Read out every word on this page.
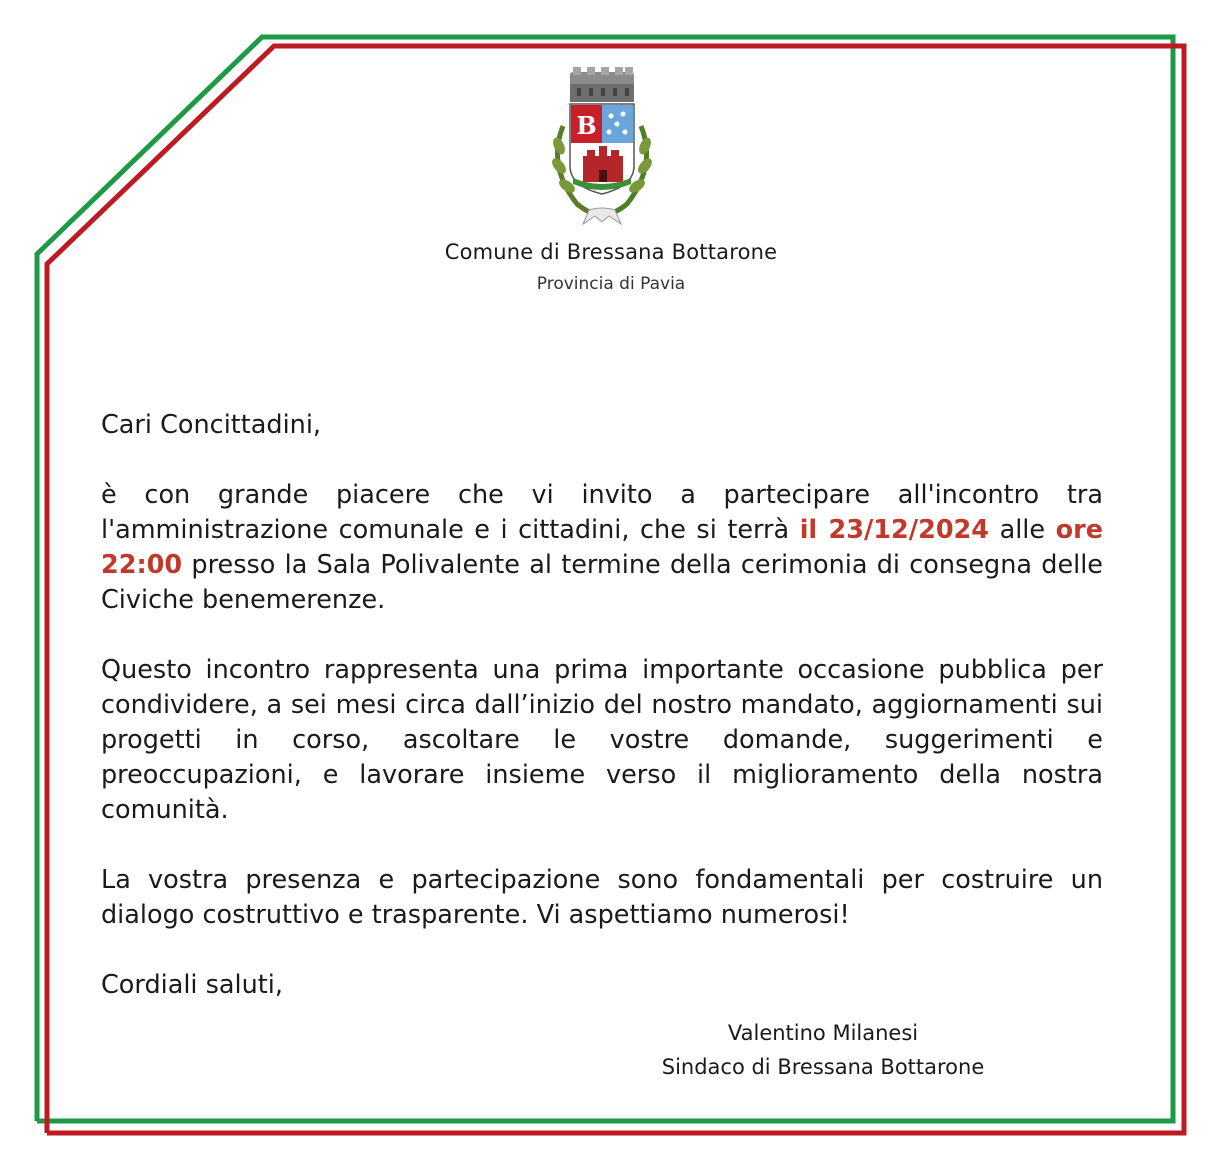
B
Comune di Bressana Bottarone
Provincia di Pavia

Cari Concittadini,

è con grande piacere che vi invito a partecipare all'incontro tra l'amministrazione comunale e i cittadini, che si terrà il 23/12/2024 alle ore 22:00 presso la Sala Polivalente al termine della cerimonia di consegna delle Civiche benemerenze.

Questo incontro rappresenta una prima importante occasione pubblica per condividere, a sei mesi circa dall’inizio del nostro mandato, aggiornamenti sui progetti in corso, ascoltare le vostre domande, suggerimenti e preoccupazioni, e lavorare insieme verso il miglioramento della nostra comunità.

La vostra presenza e partecipazione sono fondamentali per costruire un dialogo costruttivo e trasparente. Vi aspettiamo numerosi!

Cordiali saluti,

Valentino Milanesi
Sindaco di Bressana Bottarone
